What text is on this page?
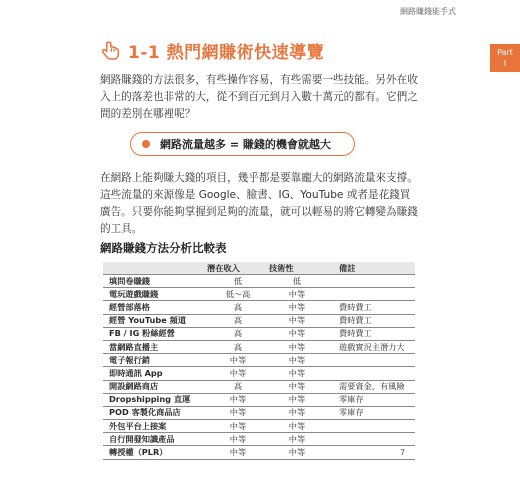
網路賺錢能手式
Part
I
1-1 熱門網賺術快速導覽
網路賺錢的方法很多，有些操作容易，有些需要一些技能。另外在收入上的落差也非常的大，從不到百元到月入數十萬元的都有。它們之間的差別在哪裡呢？
網路流量越多 = 賺錢的機會就越大
在網路上能夠賺大錢的項目，幾乎都是要靠龐大的網路流量來支撐。這些流量的來源像是 Google、臉書、IG、YouTube 或者是花錢買廣告。只要你能夠掌握到足夠的流量，就可以輕易的將它轉變為賺錢的工具。
網路賺錢方法分析比較表
	潛在收入	技術性	備註
填問卷賺錢	低	低	
電玩遊戲賺錢	低～高	中等	
經營部落格	高	中等	費時費工
經營 YouTube 頻道	高	中等	費時費工
FB / IG 粉絲經營	高	中等	費時費工
當網路直播主	高	中等	遊戲實況主潛力大
電子報行銷	中等	中等	
即時通訊 App	中等	中等	
開設網路商店	高	中等	需要資金，有風險
Dropshipping 直運	中等	中等	零庫存
POD 客製化商品店	中等	中等	零庫存
外包平台上接案	中等	中等	
自行開發知識產品	中等	中等	
轉授權（PLR）	中等	中等		7
